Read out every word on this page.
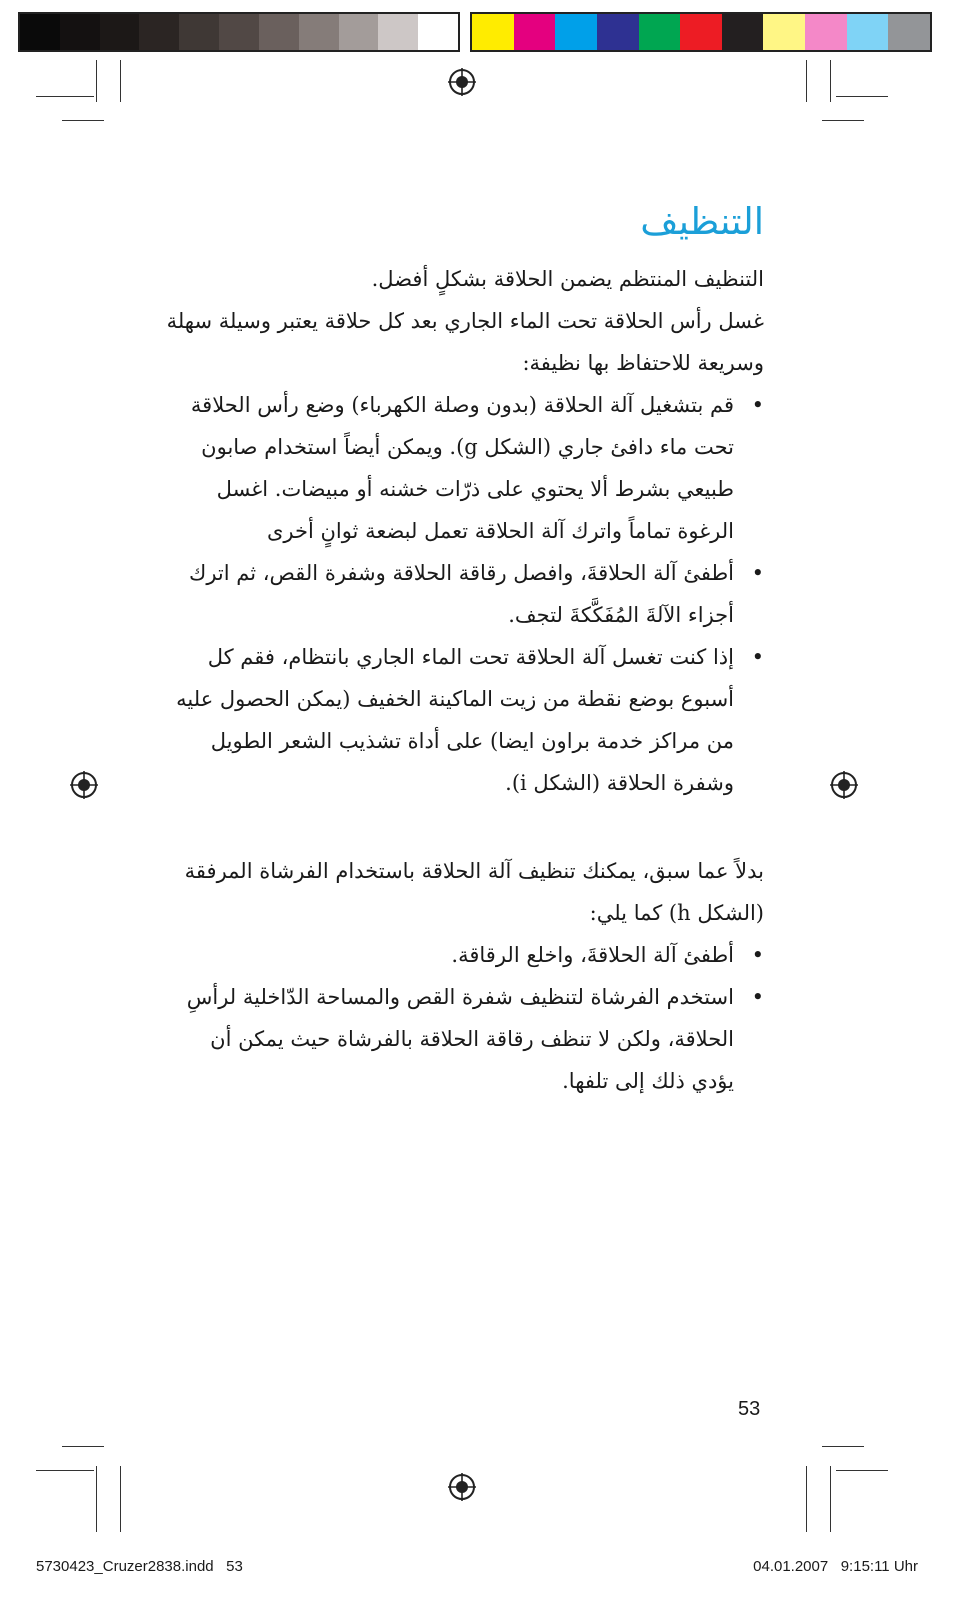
التنظيف

التنظيف المنتظم يضمن الحلاقة بشكلٍ أفضل.

غسل رأس الحلاقة تحت الماء الجاري بعد كل حلاقة يعتبر وسيلة سهلة وسريعة للاحتفاظ بها نظيفة:

•
قم بتشغيل آلة الحلاقة (بدون وصلة الكهرباء) وضع رأس الحلاقة تحت ماء دافئ جاري (الشكل g). ويمكن أيضاً استخدام صابون طبيعي بشرط ألا يحتوي على ذرّات خشنه أو مبيضات. اغسل الرغوة تماماً واترك آلة الحلاقة تعمل لبضعة ثوانٍ أخرى
•
أطفئ آلة الحلاقةَ، وافصل رقاقة الحلاقة وشفرة القص، ثم اترك أجزاء الآلةَ المُفَكَّكةَ لتجف.
•
إذا كنت تغسل آلة الحلاقة تحت الماء الجاري بانتظام، فقم كل أسبوع بوضع نقطة من زيت الماكينة الخفيف (يمكن الحصول عليه من مراكز خدمة براون ايضا) على أداة تشذيب الشعر الطويل وشفرة الحلاقة (الشكل i).

بدلاً عما سبق، يمكنك تنظيف آلة الحلاقة باستخدام الفرشاة المرفقة (الشكل h) كما يلي:

•
أطفئ آلة الحلاقةَ، واخلع الرقاقة.
•
استخدم الفرشاة لتنظيف شفرة القص والمساحة الدّاخلية لرأسِ الحلاقة، ولكن لا تنظف رقاقة الحلاقة بالفرشاة حيث يمكن أن يؤدي ذلك إلى تلفها.
53
5730423_Cruzer2838.indd   53	04.01.2007   9:15:11 Uhr
